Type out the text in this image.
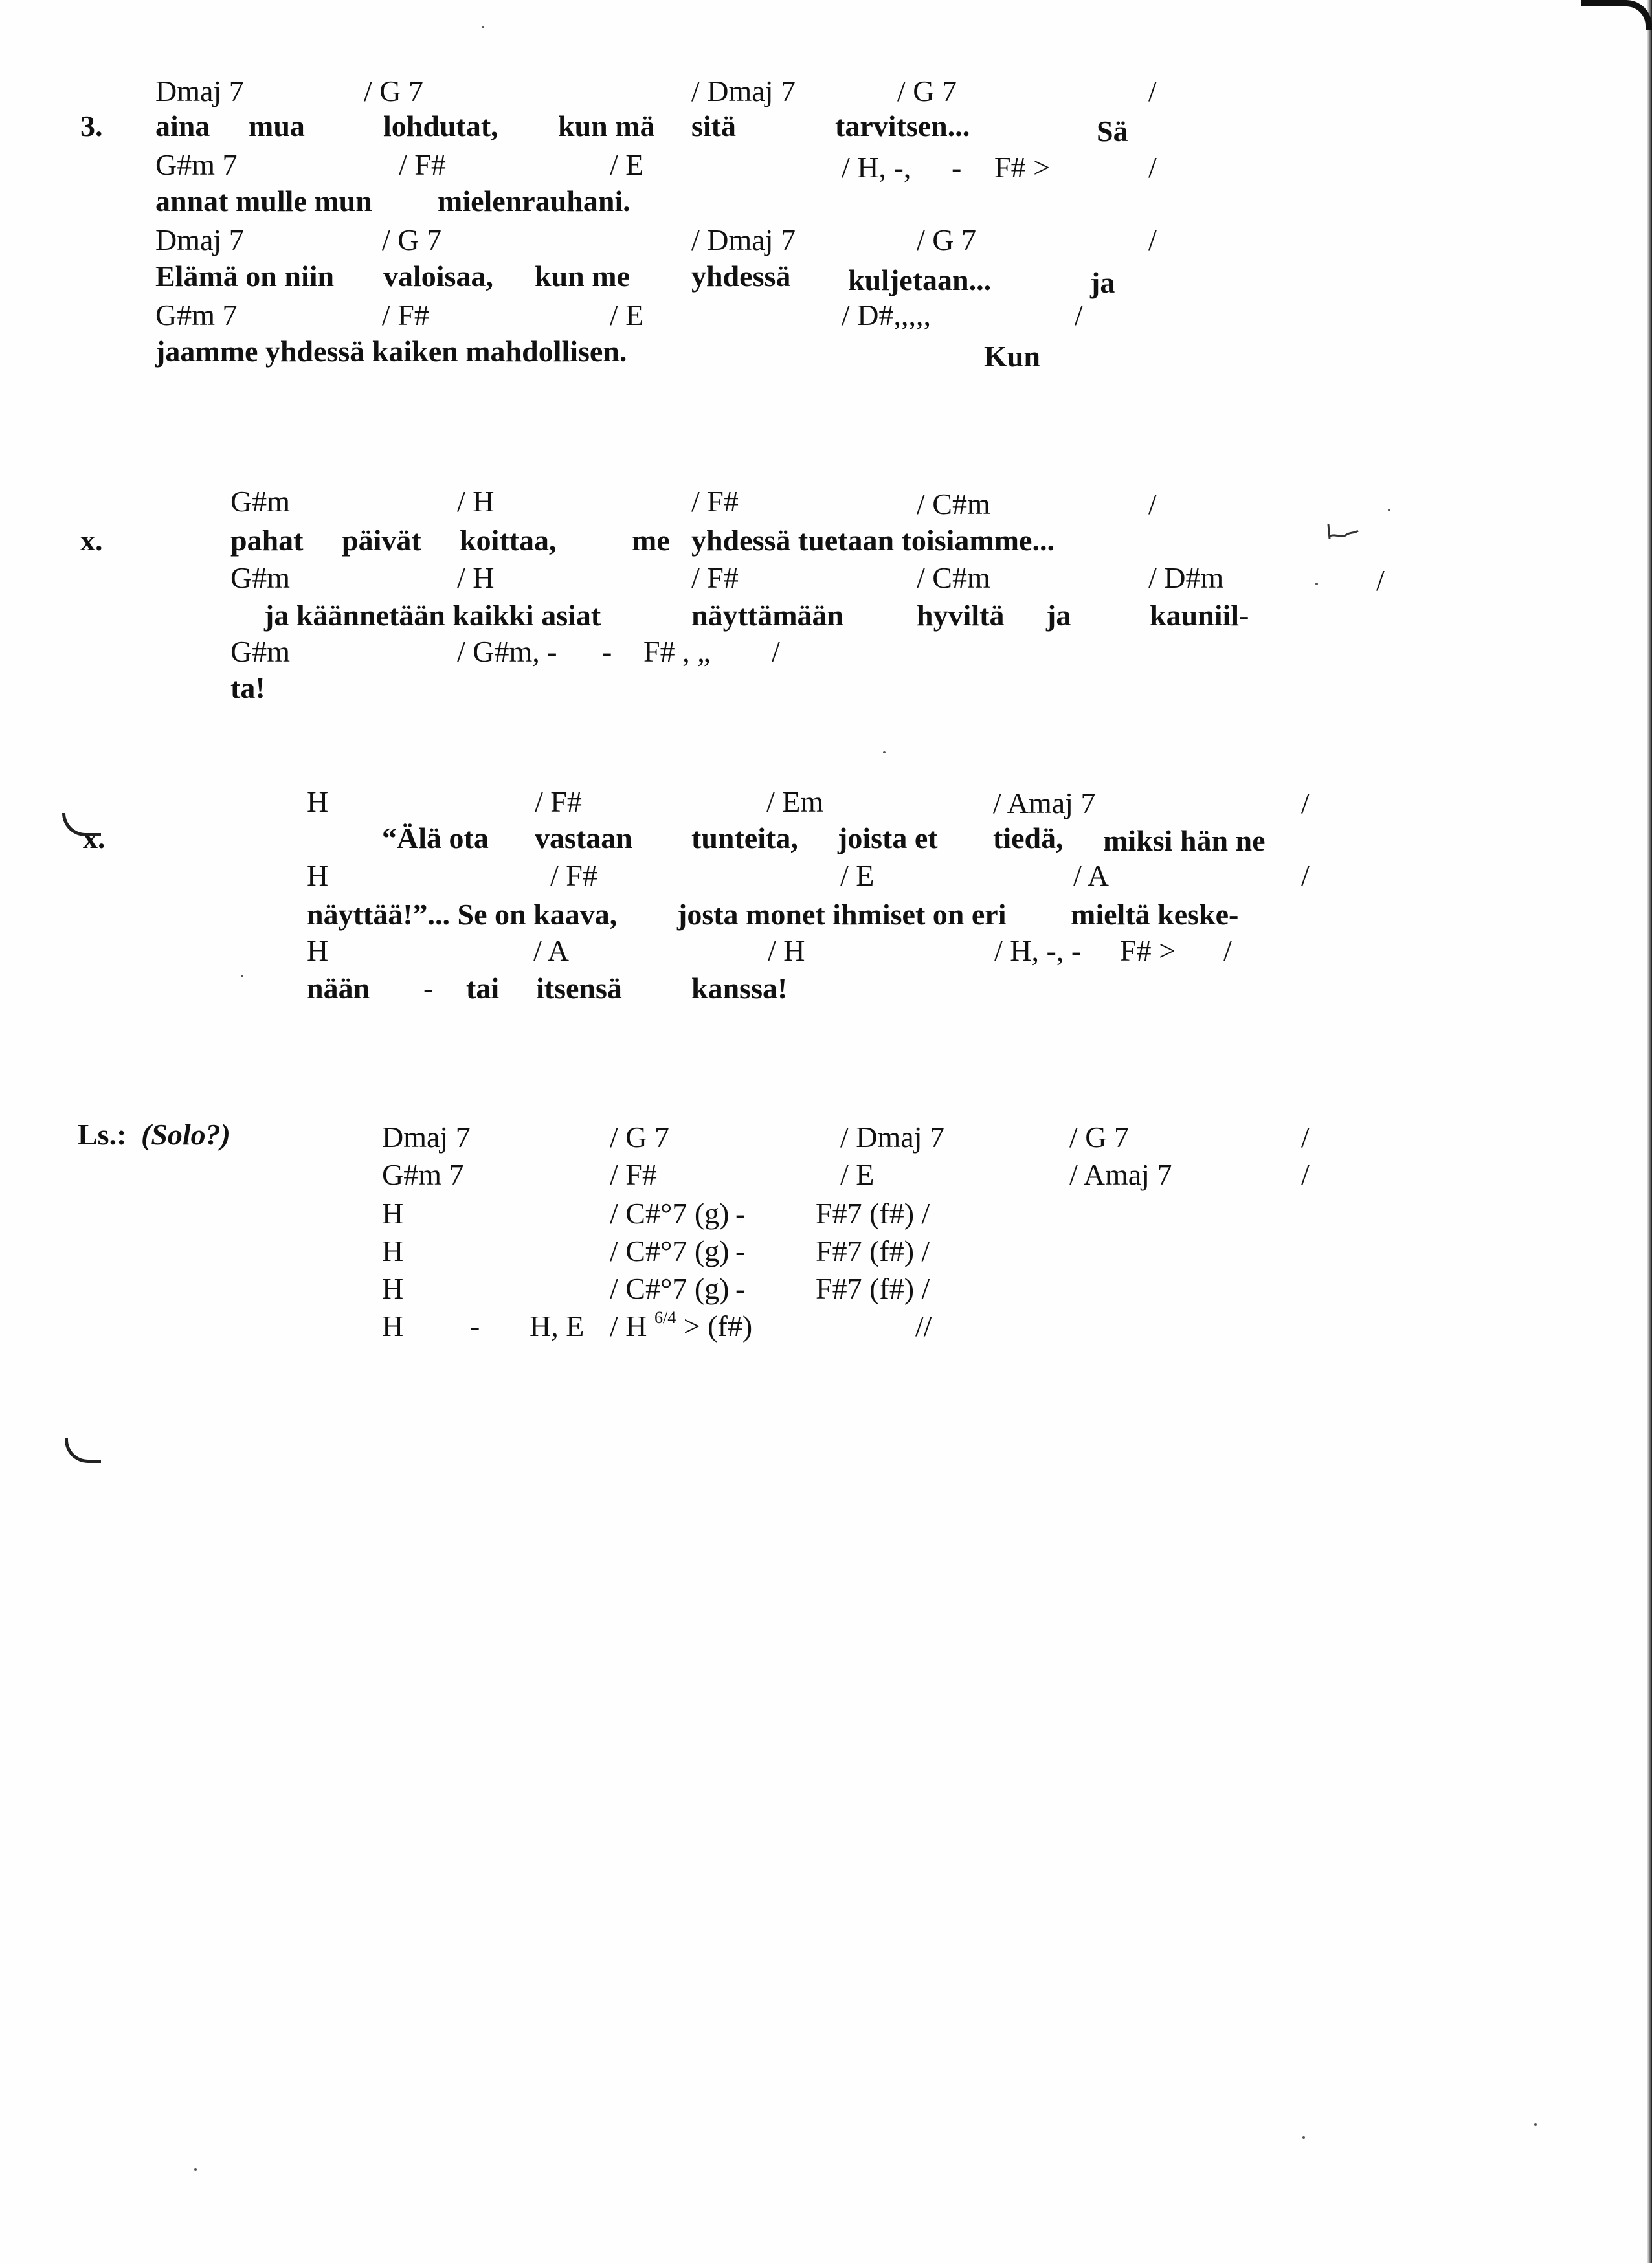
Dmaj 7	/ G 7	/ Dmaj 7	/ G 7	/
3. aina mua	lohdutat, kun mä sitä	tarvitsen...	Sä
G#m 7	/ F#	/ E	/ H, -, - F# >	/
annat mulle mun mielenrauhani.
Dmaj 7	/ G 7	/ Dmaj 7	/ G 7	/
Elämä on niin valoisaa, kun me yhdessä kuljetaan...	ja
G#m 7	/ F#	/ E	/ D#,,,,,	/
jaamme yhdessä kaiken mahdollisen.	Kun
G#m	/ H	/ F#	/ C#m	/
x.	pahat päivät koittaa,	me yhdessä tuetaan toisiamme...
G#m	/ H	/ F#	/ C#m	/ D#m	/
ja käännetään kaikki asiat	näyttämään hyviltä ja	kauniil-
G#m	/ G#m, - - F# , „ /
ta!
H	/ F#	/ Em	/ Amaj 7	/
x.	“Älä ota vastaan tunteita, joista et tiedä, miksi hän ne
H	/ F#	/ E	/ A	/
näyttää!”... Se on kaava, josta monet ihmiset on eri mieltä keske-
H	/ A	/ H	/ H, -, - F# > /
nään - tai itsensä kanssa!
Ls.: (Solo?)	Dmaj 7	/ G 7	/ Dmaj 7	/ G 7	/
G#m 7	/ F#	/ E	/ Amaj 7	/
H	/ C#°7 (g) - F#7 (f#) /
H	/ C#°7 (g) - F#7 (f#) /
H	/ C#°7 (g) - F#7 (f#) /
H - H, E / H $^{6/4}$ > (f#)	//
